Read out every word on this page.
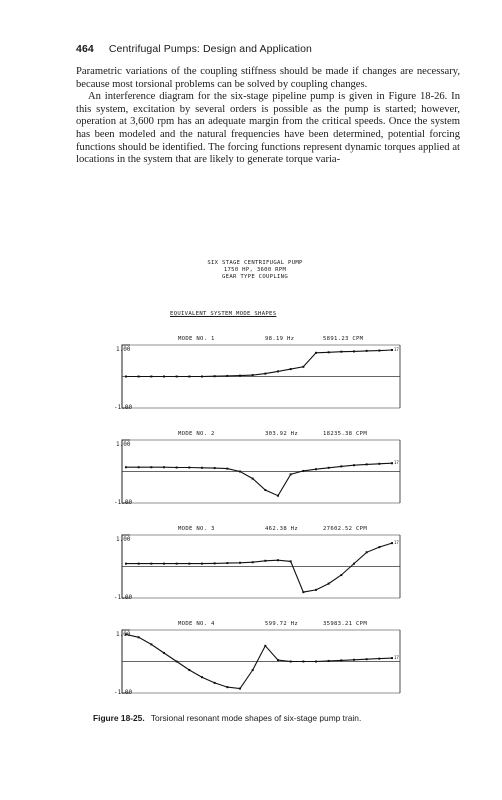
464 Centrifugal Pumps: Design and Application

Parametric variations of the coupling stiffness should be made if changes are necessary, because most torsional problems can be solved by coupling changes.

An interference diagram for the six-stage pipeline pump is given in Figure 18-26. In this system, excitation by several orders is possible as the pump is started; however, operation at 3,600 rpm has an adequate margin from the critical speeds. Once the system has been modeled and the natural frequencies have been determined, potential forcing functions should be identified. The forcing functions represent dynamic torques applied at locations in the system that are likely to generate torque varia-

SIX STAGE CENTRIFUGAL PUMP
1750 HP, 3600 RPM
GEAR TYPE COUPLING
EQUIVALENT SYSTEM MODE SHAPES
17
17
17
17
MODE NO. 1	98.19 Hz	5891.23 CPM
1.00
-1.00
MODE NO. 2	303.92 Hz	18235.38 CPM
1.00
-1.00
MODE NO. 3	462.38 Hz	27602.52 CPM
1.00
-1.00
MODE NO. 4	599.72 Hz	35983.21 CPM
1.00
-1.00
Figure 18-25. Torsional resonant mode shapes of six-stage pump train.
